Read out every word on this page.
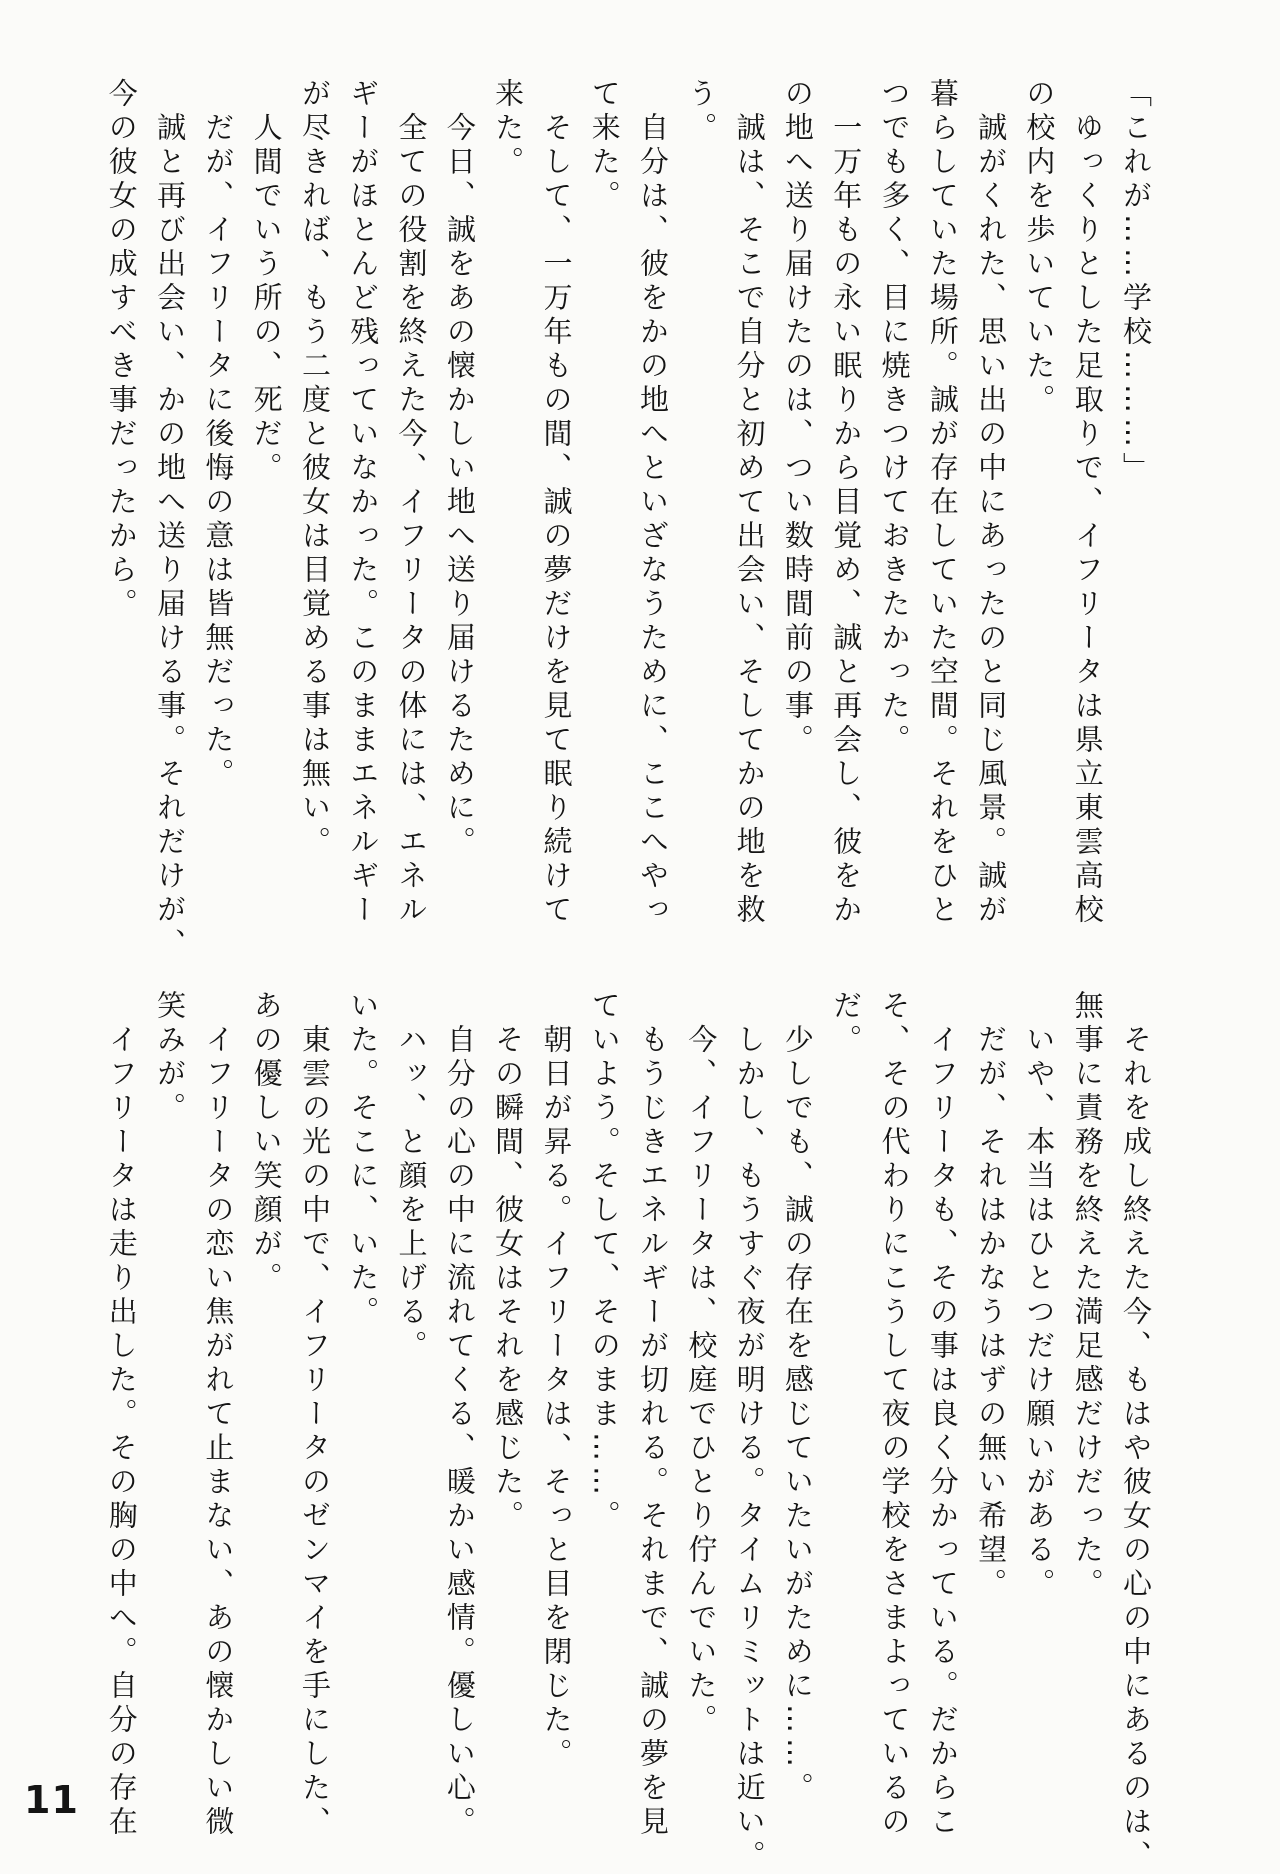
「これが……学校………」
　ゆっくりとした足取りで、イフリータは県立東雲高校
の校内を歩いていた。
　誠がくれた、思い出の中にあったのと同じ風景。誠が
暮らしていた場所。誠が存在していた空間。それをひと
つでも多く、目に焼きつけておきたかった。
　一万年もの永い眠りから目覚め、誠と再会し、彼をか
の地へ送り届けたのは、つい数時間前の事。
　誠は、そこで自分と初めて出会い、そしてかの地を救
う。
　自分は、彼をかの地へといざなうために、ここへやっ
て来た。
　そして、一万年もの間、誠の夢だけを見て眠り続けて
来た。
　今日、誠をあの懐かしい地へ送り届けるために。
　全ての役割を終えた今、イフリータの体には、エネル
ギーがほとんど残っていなかった。このままエネルギー
が尽きれば、もう二度と彼女は目覚める事は無い。
　人間でいう所の、死だ。
　だが、イフリータに後悔の意は皆無だった。
　誠と再び出会い、かの地へ送り届ける事。それだけが、
今の彼女の成すべき事だったから。
　それを成し終えた今、もはや彼女の心の中にあるのは、
無事に責務を終えた満足感だけだった。
　いや、本当はひとつだけ願いがある。
　だが、それはかなうはずの無い希望。
　イフリータも、その事は良く分かっている。だからこ
そ、その代わりにこうして夜の学校をさまよっているの
だ。
　少しでも、誠の存在を感じていたいがために……。
　しかし、もうすぐ夜が明ける。タイムリミットは近い。
　今、イフリータは、校庭でひとり佇んでいた。
　もうじきエネルギーが切れる。それまで、誠の夢を見
ていよう。そして、そのまま……。
　朝日が昇る。イフリータは、そっと目を閉じた。
　その瞬間、彼女はそれを感じた。
　自分の心の中に流れてくる、暖かい感情。優しい心。
　ハッ、と顔を上げる。
いた。そこに、いた。
　東雲の光の中で、イフリータのゼンマイを手にした、
あの優しい笑顔が。
　イフリータの恋い焦がれて止まない、あの懐かしい微
笑みが。
　イフリータは走り出した。その胸の中へ。自分の存在
11
